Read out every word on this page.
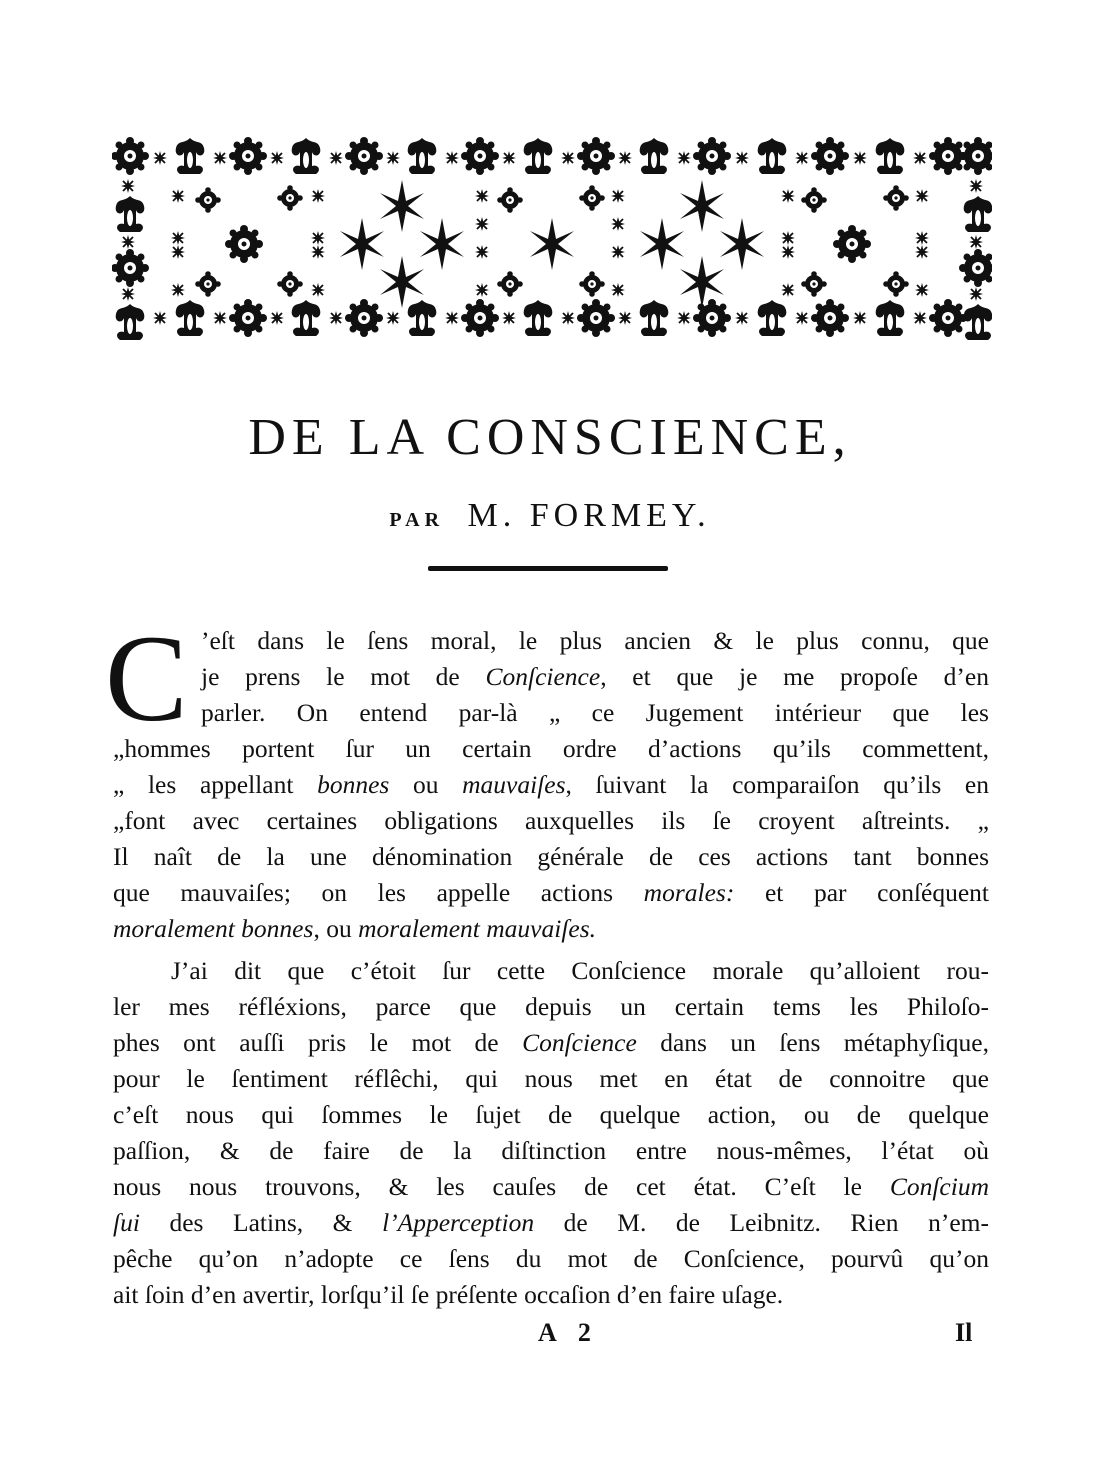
DE LA CONSCIENCE,
PAR M. FORMEY.
C ’eſt dans le ſens moral, le plus ancien & le plus connu, que
je prens le mot de Conſcience, et que je me propoſe d’en
parler. On entend par-là „ ce Jugement intérieur que les
„hommes portent ſur un certain ordre d’actions qu’ils commettent,
„ les appellant bonnes ou mauvaiſes, ſuivant la comparaiſon qu’ils en
„font avec certaines obligations auxquelles ils ſe croyent aſtreints. „
Il naît de la une dénomination générale de ces actions tant bonnes
que mauvaiſes; on les appelle actions morales: et par conſéquent
moralement bonnes, ou moralement mauvaiſes.
J’ai dit que c’étoit ſur cette Conſcience morale qu’alloient rou-
ler mes réfléxions, parce que depuis un certain tems les Philoſo-
phes ont auſſi pris le mot de Conſcience dans un ſens métaphyſique,
pour le ſentiment réflêchi, qui nous met en état de connoitre que
c’eſt nous qui ſommes le ſujet de quelque action, ou de quelque
paſſion, & de faire de la diſtinction entre nous-mêmes, l’état où
nous nous trouvons, & les cauſes de cet état. C’eſt le Conſcium
ſui des Latins, & l’Apperception de M. de Leibnitz. Rien n’em-
pêche qu’on n’adopte ce ſens du mot de Conſcience, pourvû qu’on
ait ſoin d’en avertir, lorſqu’il ſe préſente occaſion d’en faire uſage.
A 2	Il
